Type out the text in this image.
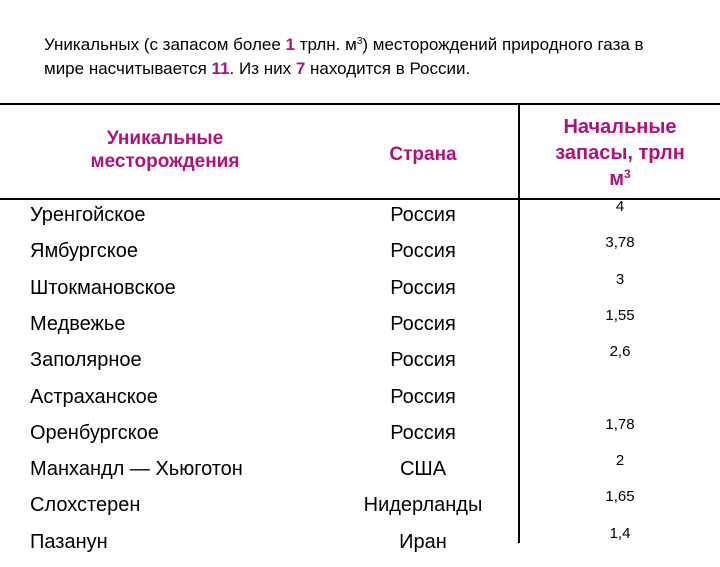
Уникальных (с запасом более 1 трлн. $м^3$) месторождений природного газа в мире насчитывается 11. Из них 7 находится в России.
Уникальные
месторождения	Страна
Начальные
запасы, трлн
$м^3$
Уренгойское	Россия	4
Ямбургское	Россия	3,78
Штокмановское	Россия	3
Медвежье	Россия	1,55
Заполярное	Россия	2,6
Астраханское	Россия
Оренбургское	Россия	1,78
Манхандл — Хьюготон	США	2
Слохстерен	Нидерланды	1,65
Пазанун	Иран	1,4
